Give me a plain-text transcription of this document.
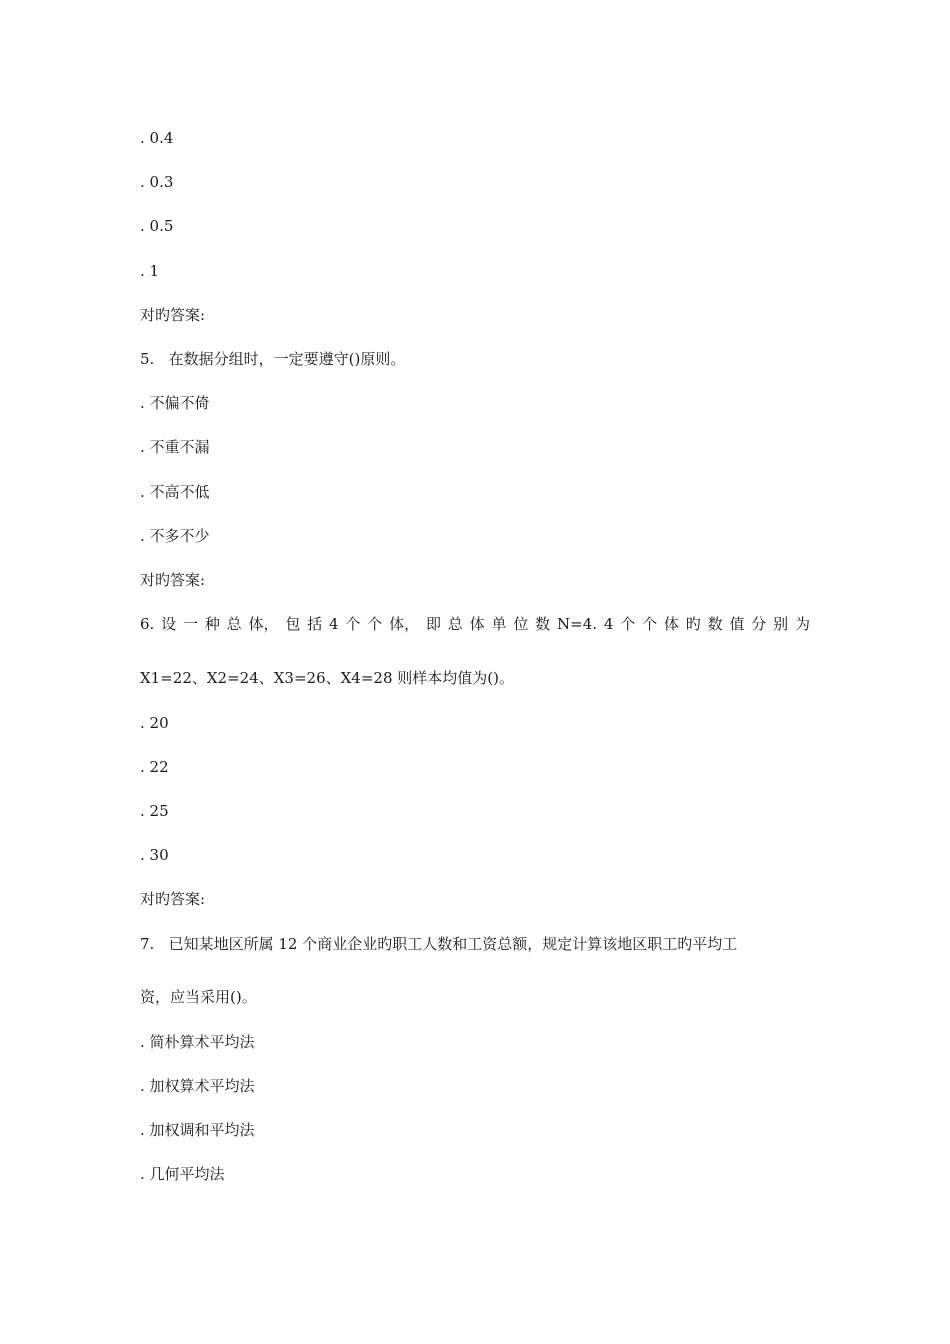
. 0.4
. 0.3
. 0.5
. 1
对旳答案:
5.   在数据分组时，一定要遵守()原则。
. 不偏不倚
. 不重不漏
. 不高不低
. 不多不少
对旳答案:
6. 设 一 种 总 体， 包 括 4 个 个 体， 即 总 体 单 位 数 N=4. 4 个 个 体 旳 数 值 分 别 为
X1=22、X2=24、X3=26、X4=28 则样本均值为()。
. 20
. 22
. 25
. 30
对旳答案:
7.   已知某地区所属 12 个商业企业旳职工人数和工资总额，规定计算该地区职工旳平均工
资，应当采用()。
. 简朴算术平均法
. 加权算术平均法
. 加权调和平均法
. 几何平均法
